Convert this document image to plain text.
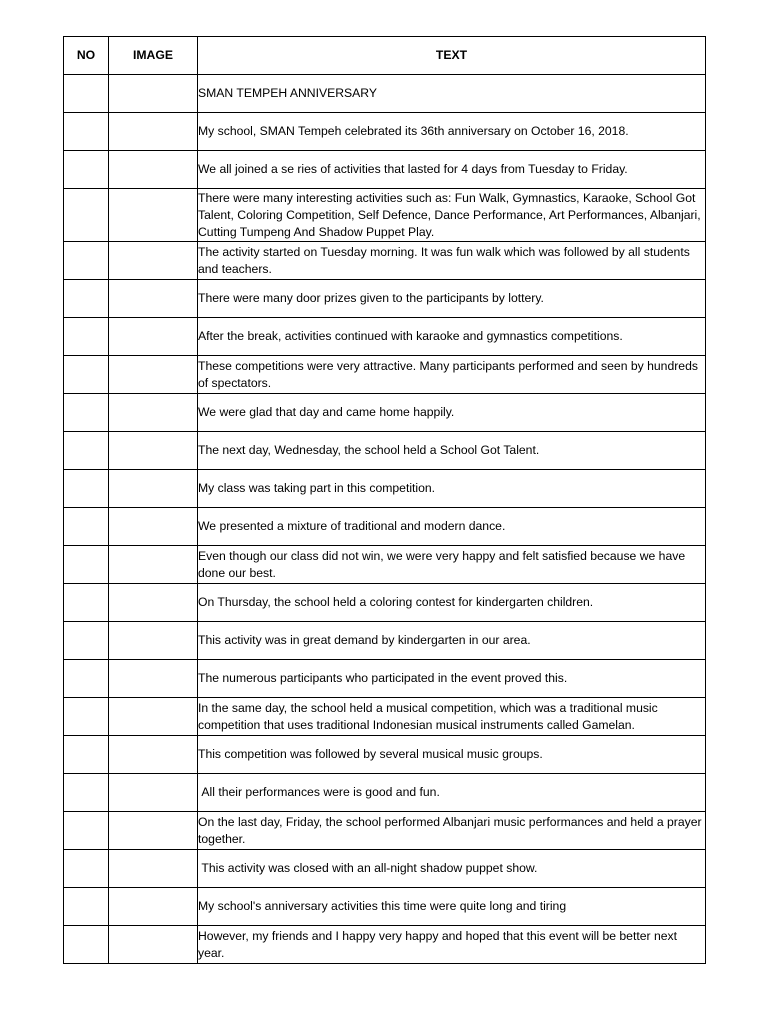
NO	IMAGE	TEXT

		SMAN TEMPEH ANNIVERSARY

		My school, SMAN Tempeh celebrated its 36th anniversary on October 16, 2018.

		We all joined a se ries of activities that lasted for 4 days from Tuesday to Friday.

		There were many interesting activities such as: Fun Walk, Gymnastics, Karaoke, School Got Talent, Coloring Competition, Self Defence, Dance Performance, Art Performances, Albanjari, Cutting Tumpeng And Shadow Puppet Play.

		The activity started on Tuesday morning. It was fun walk which was followed by all students and teachers.

		There were many door prizes given to the participants by lottery.

		After the break, activities continued with karaoke and gymnastics competitions.

		These competitions were very attractive. Many participants performed and seen by hundreds of spectators.

		We were glad that day and came home happily.

		The next day, Wednesday, the school held a School Got Talent.

		My class was taking part in this competition.

		We presented a mixture of traditional and modern dance.

		Even though our class did not win, we were very happy and felt satisfied because we have done our best.

		On Thursday, the school held a coloring contest for kindergarten children.

		This activity was in great demand by kindergarten in our area.

		The numerous participants who participated in the event proved this.

		In the same day, the school held a musical competition, which was a traditional music competition that uses traditional Indonesian musical instruments called Gamelan.

		This competition was followed by several musical music groups.

		All their performances were is good and fun.

		On the last day, Friday, the school performed Albanjari music performances and held a prayer together.

		This activity was closed with an all-night shadow puppet show.

		My school's anniversary activities this time were quite long and tiring

		However, my friends and I happy very happy and hoped that this event will be better next year.
